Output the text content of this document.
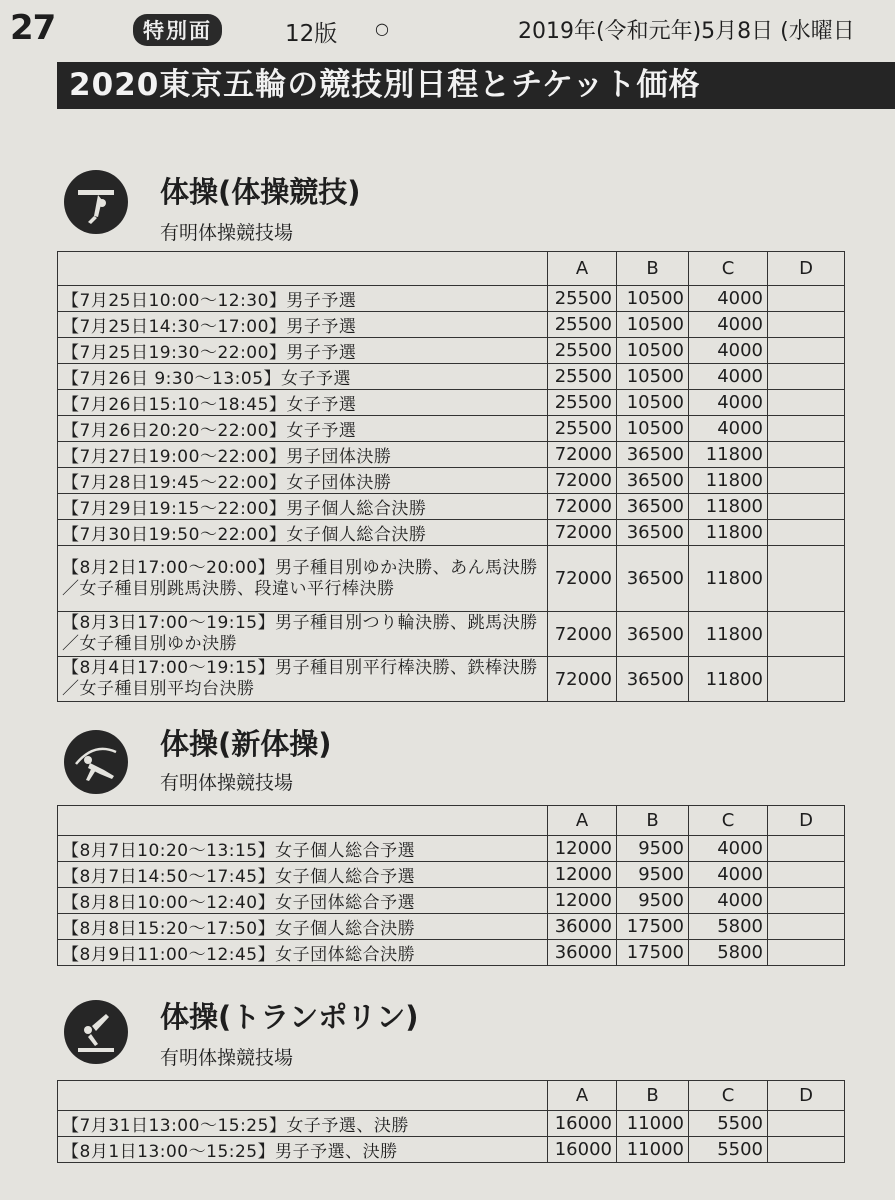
27	特別面	12版 ○	2019年(令和元年)5月8日 (水曜日
2020東京五輪の競技別日程とチケット価格
体操(体操競技)
有明体操競技場
	A	B	C	D
【7月25日10:00～12:30】男子予選	25500	10500	4000	
【7月25日14:30～17:00】男子予選	25500	10500	4000	
【7月25日19:30～22:00】男子予選	25500	10500	4000	
【7月26日 9:30～13:05】女子予選	25500	10500	4000	
【7月26日15:10～18:45】女子予選	25500	10500	4000	
【7月26日20:20～22:00】女子予選	25500	10500	4000	
【7月27日19:00～22:00】男子団体決勝	72000	36500	11800	
【7月28日19:45～22:00】女子団体決勝	72000	36500	11800	
【7月29日19:15～22:00】男子個人総合決勝	72000	36500	11800	
【7月30日19:50～22:00】女子個人総合決勝	72000	36500	11800	
【8月2日17:00～20:00】男子種目別ゆか決勝、あん馬決勝／女子種目別跳馬決勝、段違い平行棒決勝	72000	36500	11800	
【8月3日17:00～19:15】男子種目別つり輪決勝、跳馬決勝／女子種目別ゆか決勝	72000	36500	11800	
【8月4日17:00～19:15】男子種目別平行棒決勝、鉄棒決勝／女子種目別平均台決勝	72000	36500	11800	
体操(新体操)
有明体操競技場
	A	B	C	D
【8月7日10:20～13:15】女子個人総合予選	12000	9500	4000	
【8月7日14:50～17:45】女子個人総合予選	12000	9500	4000	
【8月8日10:00～12:40】女子団体総合予選	12000	9500	4000	
【8月8日15:20～17:50】女子個人総合決勝	36000	17500	5800	
【8月9日11:00～12:45】女子団体総合決勝	36000	17500	5800	
体操(トランポリン)
有明体操競技場
	A	B	C	D
【7月31日13:00～15:25】女子予選、決勝	16000	11000	5500	
【8月1日13:00～15:25】男子予選、決勝	16000	11000	5500	
